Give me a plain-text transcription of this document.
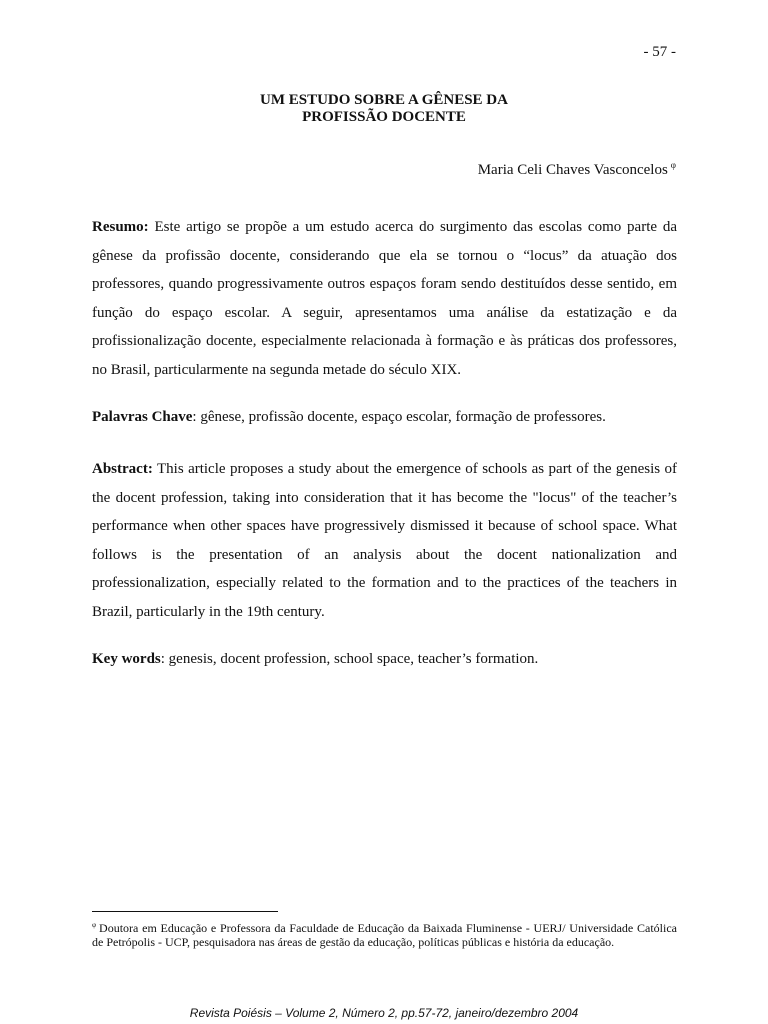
- 57 -
UM ESTUDO SOBRE A GÊNESE DA
PROFISSÃO DOCENTE
Maria Celi Chaves Vasconcelos $^\varphi$

Resumo: Este artigo se propõe a um estudo acerca do surgimento das escolas como parte da gênese da profissão docente, considerando que ela se tornou o “locus” da atuação dos professores, quando progressivamente outros espaços foram sendo destituídos desse sentido, em função do espaço escolar. A seguir, apresentamos uma análise da estatização e da profissionalização docente, especialmente relacionada à formação e às práticas dos professores, no Brasil, particularmente na segunda metade do século XIX.

Palavras Chave: gênese, profissão docente, espaço escolar, formação de professores.

Abstract: This article proposes a study about the emergence of schools as part of the genesis of the docent profession, taking into consideration that it has become the "locus" of the teacher’s performance when other spaces have progressively dismissed it because of school space. What follows is the presentation of an analysis about the docent nationalization and professionalization, especially related to the formation and to the practices of the teachers in Brazil, particularly in the 19th century.

Key words: genesis, docent profession, school space, teacher’s formation.

$^\varphi$ Doutora em Educação e Professora da Faculdade de Educação da Baixada Fluminense - UERJ/ Universidade Católica de Petrópolis - UCP, pesquisadora nas áreas de gestão da educação, políticas públicas e história da educação.

Revista Poiésis – Volume 2, Número 2, pp.57-72, janeiro/dezembro 2004
